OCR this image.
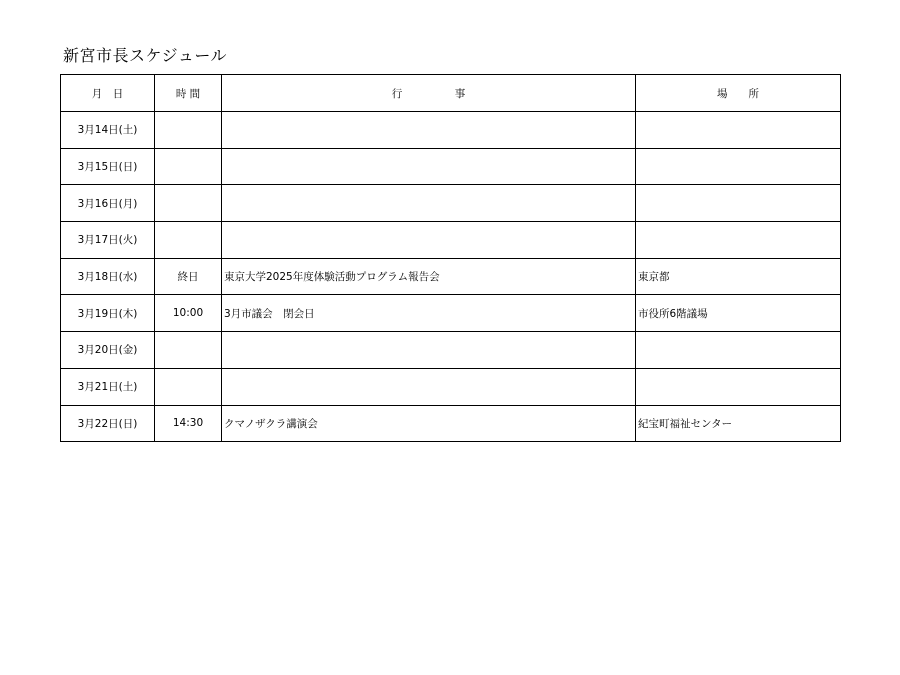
新宮市長スケジュール
月　日	時 間	行　　　　　事	場　　所
3月14日(土)			
3月15日(日)			
3月16日(月)			
3月17日(火)			
3月18日(水)	終日	東京大学2025年度体験活動プログラム報告会	東京都
3月19日(木)	10:00	3月市議会　閉会日	市役所6階議場
3月20日(金)			
3月21日(土)			
3月22日(日)	14:30	クマノザクラ講演会	紀宝町福祉センター
